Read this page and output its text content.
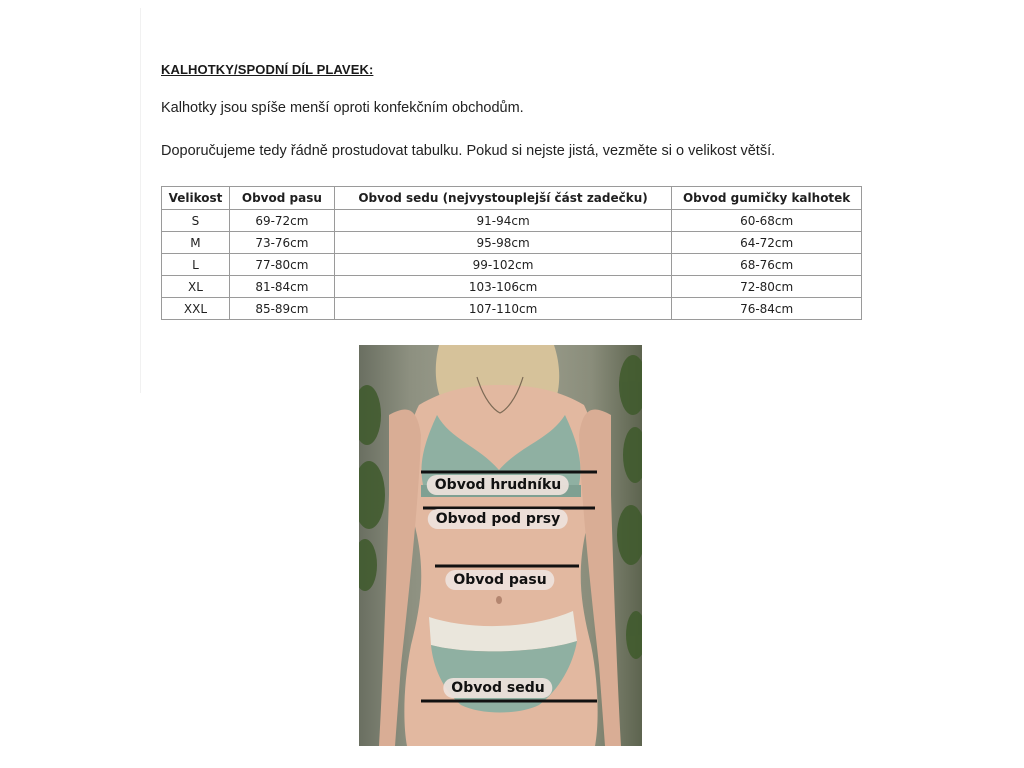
KALHOTKY/SPODNÍ DÍL PLAVEK:
Kalhotky jsou spíše menší oproti konfekčním obchodům.
Doporučujeme tedy řádně prostudovat tabulku. Pokud si nejste jistá, vezměte si o velikost větší.
Velikost	Obvod pasu	Obvod sedu (nejvystouplejší část zadečku)	Obvod gumičky kalhotek
S	69-72cm	91-94cm	60-68cm
M	73-76cm	95-98cm	64-72cm
L	77-80cm	99-102cm	68-76cm
XL	81-84cm	103-106cm	72-80cm
XXL	85-89cm	107-110cm	76-84cm
Obvod hrudníku
Obvod pod prsy
Obvod pasu
Obvod sedu
